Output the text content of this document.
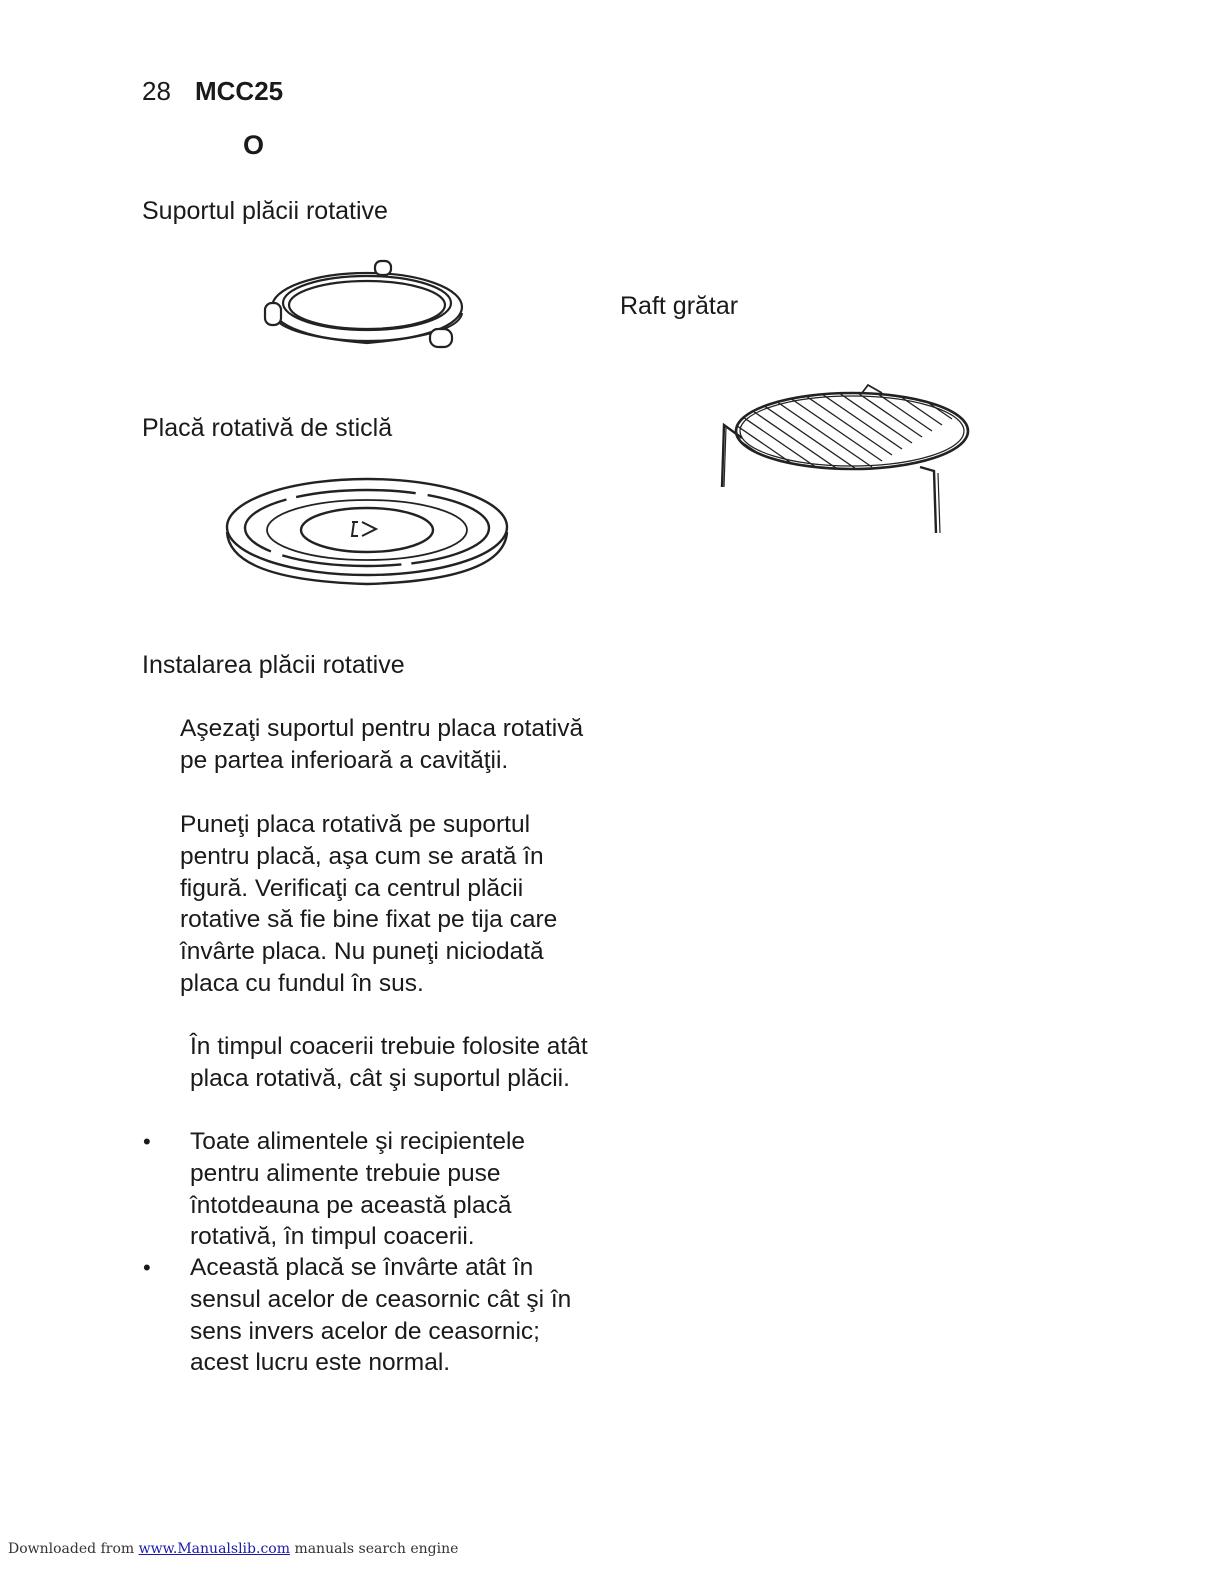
28 MCC25
O
Suportul plăcii rotative
Placă rotativă de sticlă
Raft grătar
Instalarea plăcii rotative
Aşezaţi suportul pentru placa rotativă pe partea inferioară a cavităţii.
Puneţi placa rotativă pe suportul pentru placă, aşa cum se arată în figură. Verificaţi ca centrul plăcii rotative să fie bine fixat pe tija care învârte placa. Nu puneţi niciodată placa cu fundul în sus.
În timpul coacerii trebuie folosite atât placa rotativă, cât şi suportul plăcii.
• Toate alimentele şi recipientele pentru alimente trebuie puse întotdeauna pe această placă rotativă, în timpul coacerii.
• Această placă se învârte atât în sensul acelor de ceasornic cât şi în sens invers acelor de ceasornic; acest lucru este normal.
Downloaded from www.Manualslib.com manuals search engine
